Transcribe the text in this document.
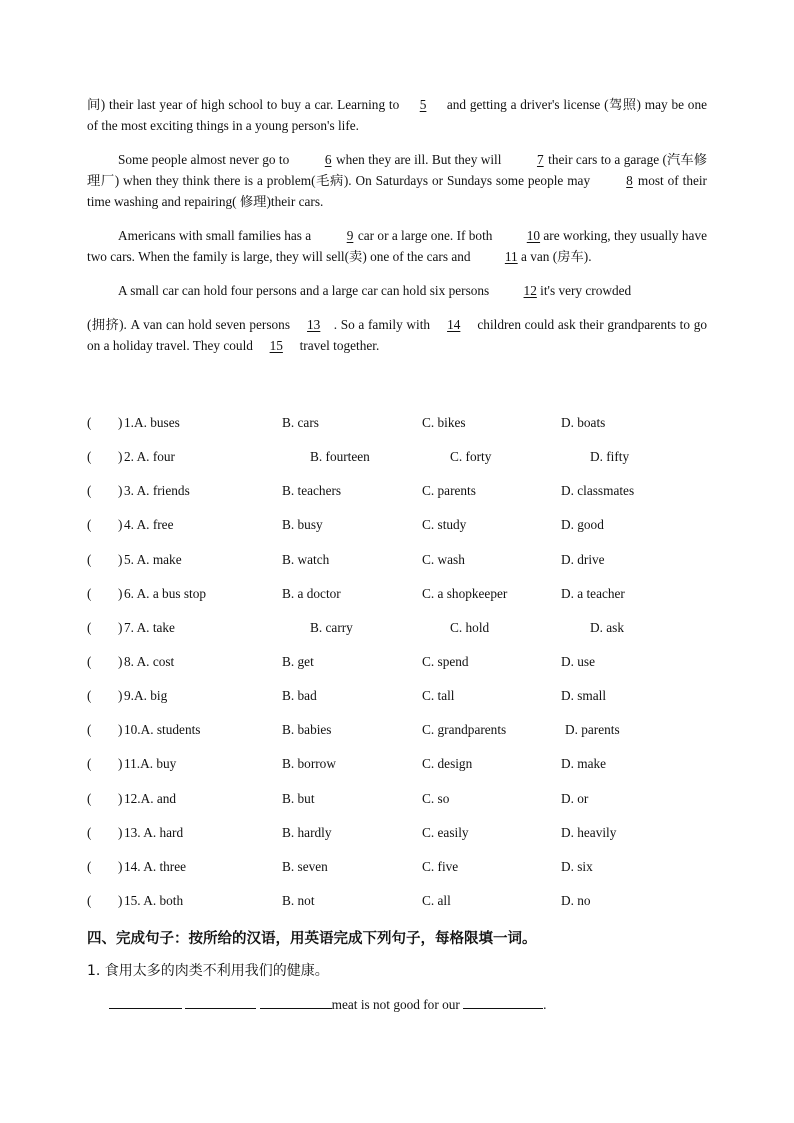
间) their last year of high school to buy a car. Learning to 5 and getting a driver's license (驾照) may be one of the most exciting things in a young person's life.

Some people almost never go to 6 when they are ill. But they will 7 their cars to a garage (汽车修理厂) when they think there is a problem(毛病). On Saturdays or Sundays some people may 8 most of their time washing and repairing( 修理)their cars.

Americans with small families has a 9 car or a large one. If both 10 are working, they usually have two cars. When the family is large, they will sell(卖) one of the cars and 11 a van (房车).

A small car can hold four persons and a large car can hold six persons 12 it's very crowded

(拥挤). A van can hold seven persons 13 . So a family with 14 children could ask their grandparents to go on a holiday travel. They could 15 travel together.

(　　) 1.A. buses	B. cars	C. bikes	D. boats
(　　) 2. A. four	B. fourteen	C. forty	D. fifty
(　　) 3. A. friends	B. teachers	C. parents	D. classmates
(　　) 4. A. free	B. busy	C. study	D. good
(　　) 5. A. make	B. watch	C. wash	D. drive
(　　) 6. A. a bus stop	B. a doctor	C. a shopkeeper	D. a teacher
(　　) 7. A. take	B. carry	C. hold	D. ask
(　　) 8. A. cost	B. get	C. spend	D. use
(　　) 9.A. big	B. bad	C. tall	D. small
(　　) 10.A. students	B. babies	C. grandparents	D. parents
(　　) 11.A. buy	B. borrow	C. design	D. make
(　　) 12.A. and	B. but	C. so	D. or
(　　) 13. A. hard	B. hardly	C. easily	D. heavily
(　　) 14. A. three	B. seven	C. five	D. six
(　　) 15. A. both	B. not	C. all	D. no
四、完成句子：按所给的汉语，用英语完成下列句子，每格限填一词。
1. 食用太多的肉类不利用我们的健康。
meat is not good for our	.
